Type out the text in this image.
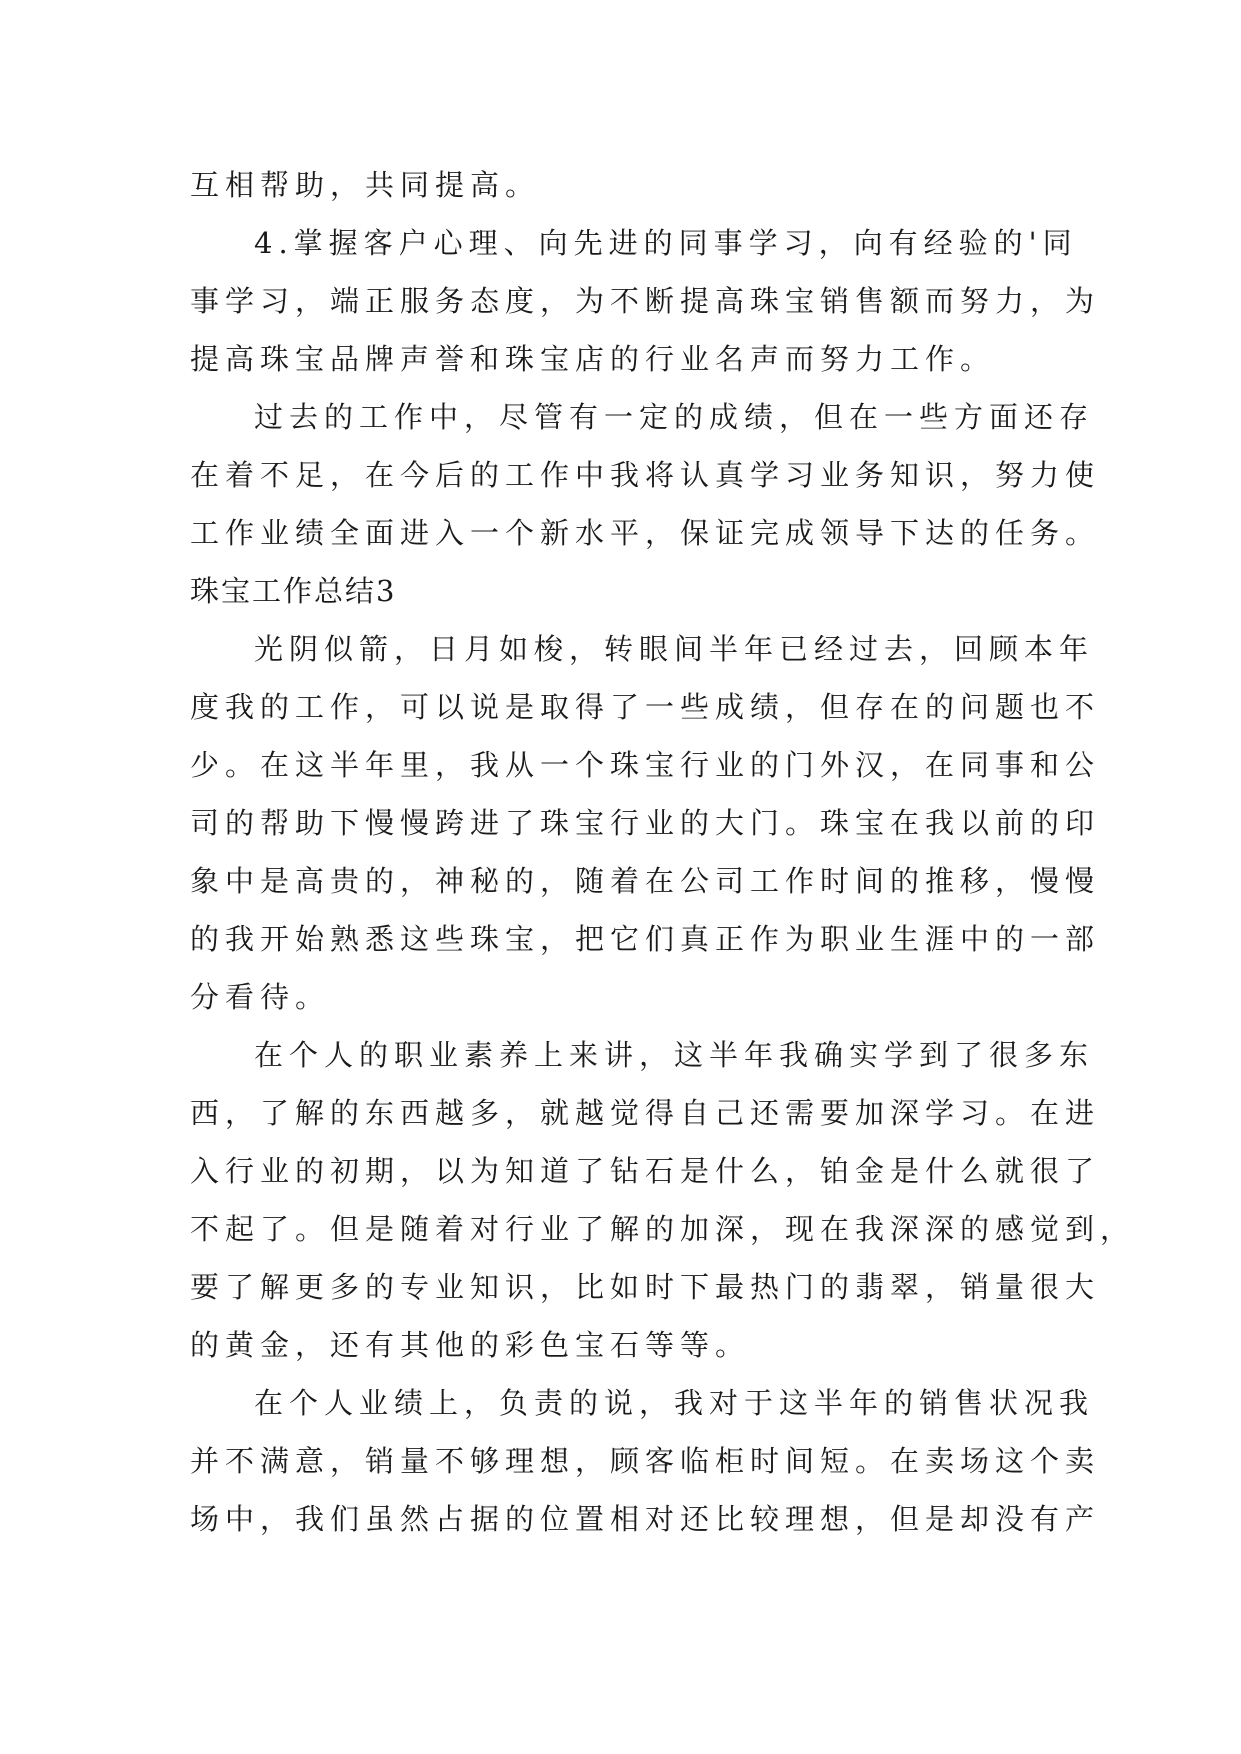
互相帮助，共同提高。
4.掌握客户心理、向先进的同事学习，向有经验的'同
事学习，端正服务态度，为不断提高珠宝销售额而努力，为
提高珠宝品牌声誉和珠宝店的行业名声而努力工作。
过去的工作中，尽管有一定的成绩，但在一些方面还存
在着不足，在今后的工作中我将认真学习业务知识，努力使
工作业绩全面进入一个新水平，保证完成领导下达的任务。
珠宝工作总结3
光阴似箭，日月如梭，转眼间半年已经过去，回顾本年
度我的工作，可以说是取得了一些成绩，但存在的问题也不
少。在这半年里，我从一个珠宝行业的门外汉，在同事和公
司的帮助下慢慢跨进了珠宝行业的大门。珠宝在我以前的印
象中是高贵的，神秘的，随着在公司工作时间的推移，慢慢
的我开始熟悉这些珠宝，把它们真正作为职业生涯中的一部
分看待。
在个人的职业素养上来讲，这半年我确实学到了很多东
西，了解的东西越多，就越觉得自己还需要加深学习。在进
入行业的初期，以为知道了钻石是什么，铂金是什么就很了
不起了。但是随着对行业了解的加深，现在我深深的感觉到，
要了解更多的专业知识，比如时下最热门的翡翠，销量很大
的黄金，还有其他的彩色宝石等等。
在个人业绩上，负责的说，我对于这半年的销售状况我
并不满意，销量不够理想，顾客临柜时间短。在卖场这个卖
场中，我们虽然占据的位置相对还比较理想，但是却没有产
